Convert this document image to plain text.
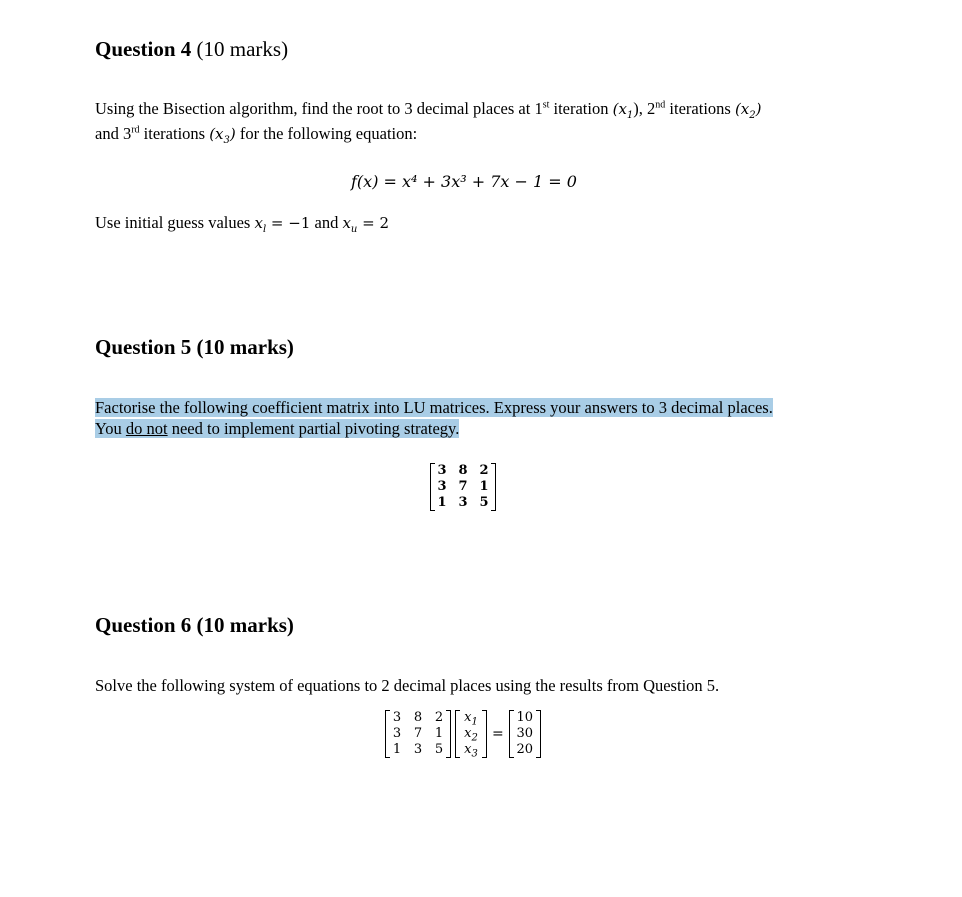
Question 4 (10 marks)
Using the Bisection algorithm, find the root to 3 decimal places at 1st iteration $(x_1)$, 2nd iterations $(x_2)$
and 3rd iterations $(x_3)$ for the following equation:
f(x) = x⁴ + 3x³ + 7x − 1 = 0
Use initial guess values $x_l = -1$ and $x_u = 2$
Question 5 (10 marks)
Factorise the following coefficient matrix into LU matrices. Express your answers to 3 decimal places.
You do not need to implement partial pivoting strategy.
3 8 2
3 7 1
1 3 5
Question 6 (10 marks)
Solve the following system of equations to 2 decimal places using the results from Question 5.
3 8 2
3 7 1
1 3 5
$x_1$
$x_2$
$x_3$
=
10
30
20
